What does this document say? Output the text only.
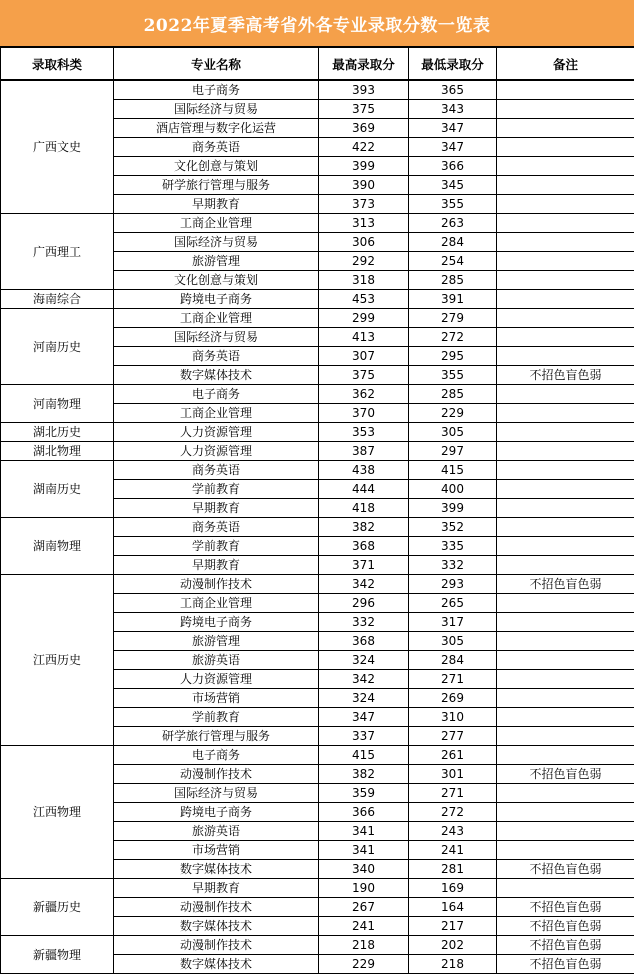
2022年夏季高考省外各专业录取分数一览表
录取科类	专业名称	最高录取分	最低录取分	备注
广西文史	电子商务	393	365	
	国际经济与贸易	375	343	
	酒店管理与数字化运营	369	347	
	商务英语	422	347	
	文化创意与策划	399	366	
	研学旅行管理与服务	390	345	
	早期教育	373	355	
广西理工	工商企业管理	313	263	
	国际经济与贸易	306	284	
	旅游管理	292	254	
	文化创意与策划	318	285	
海南综合	跨境电子商务	453	391	
河南历史	工商企业管理	299	279	
	国际经济与贸易	413	272	
	商务英语	307	295	
	数字媒体技术	375	355	不招色盲色弱
河南物理	电子商务	362	285	
	工商企业管理	370	229	
湖北历史	人力资源管理	353	305	
湖北物理	人力资源管理	387	297	
湖南历史	商务英语	438	415	
	学前教育	444	400	
	早期教育	418	399	
湖南物理	商务英语	382	352	
	学前教育	368	335	
	早期教育	371	332	
江西历史	动漫制作技术	342	293	不招色盲色弱
	工商企业管理	296	265	
	跨境电子商务	332	317	
	旅游管理	368	305	
	旅游英语	324	284	
	人力资源管理	342	271	
	市场营销	324	269	
	学前教育	347	310	
	研学旅行管理与服务	337	277	
江西物理	电子商务	415	261	
	动漫制作技术	382	301	不招色盲色弱
	国际经济与贸易	359	271	
	跨境电子商务	366	272	
	旅游英语	341	243	
	市场营销	341	241	
	数字媒体技术	340	281	不招色盲色弱
新疆历史	早期教育	190	169	
	动漫制作技术	267	164	不招色盲色弱
	数字媒体技术	241	217	不招色盲色弱
新疆物理	动漫制作技术	218	202	不招色盲色弱
	数字媒体技术	229	218	不招色盲色弱
